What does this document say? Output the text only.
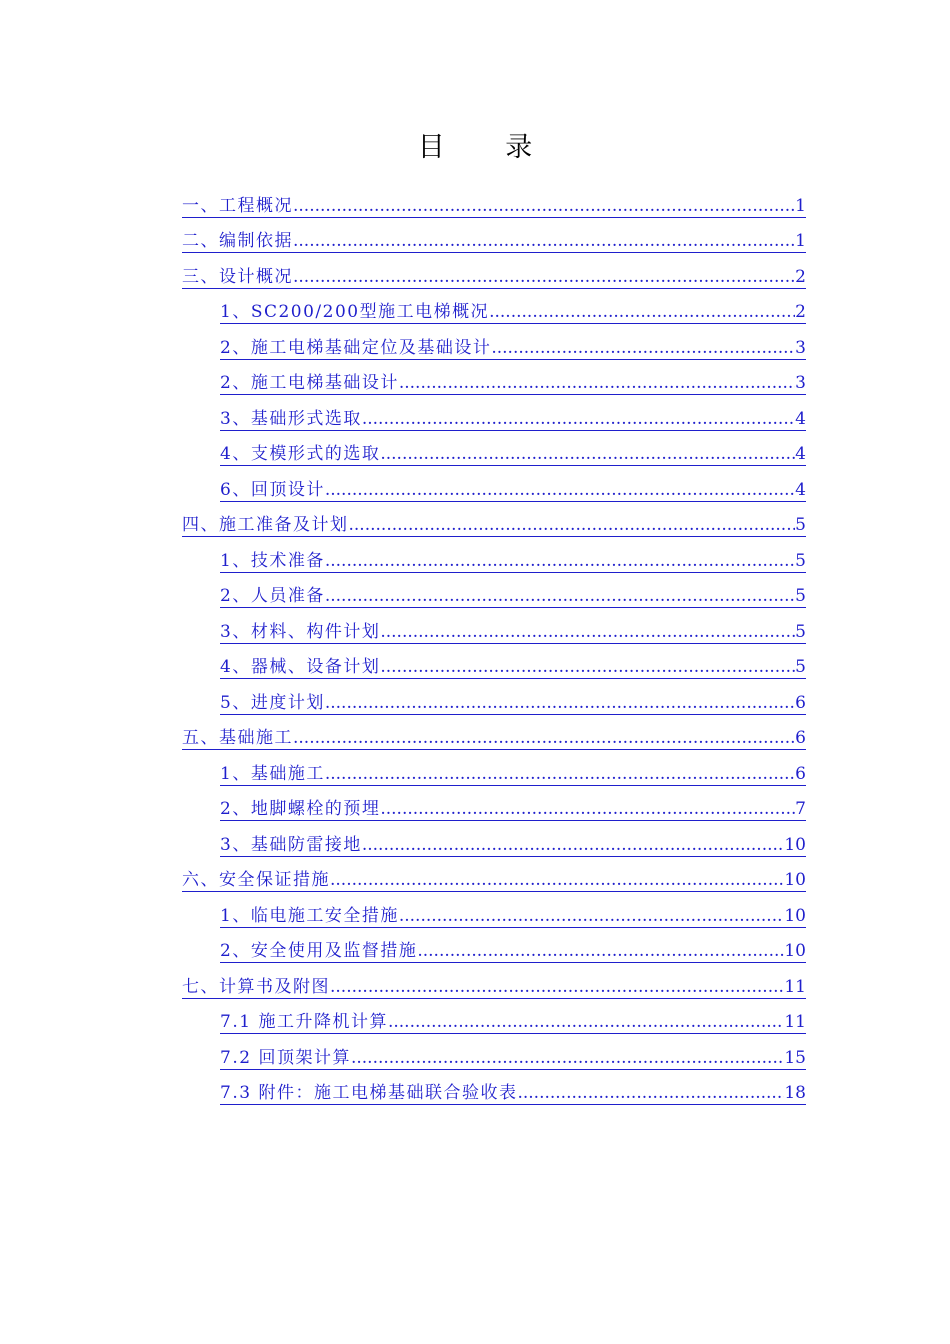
目 录
一、工程概况 .....	1
二、编制依据 .....	1
三、设计概况 .....	2
1、SC200/200型施工电梯概况 .....	2
2、施工电梯基础定位及基础设计 .....	3
2、施工电梯基础设计 .....	3
3、基础形式选取 .....	4
4、支模形式的选取 .....	4
6、回顶设计 .....	4
四、施工准备及计划 .....	5
1、技术准备 .....	5
2、人员准备 .....	5
3、材料、构件计划 .....	5
4、器械、设备计划 .....	5
5、进度计划 .....	6
五、基础施工 .....	6
1、基础施工 .....	6
2、地脚螺栓的预埋 .....	7
3、基础防雷接地 .....	10
六、安全保证措施 .....	10
1、临电施工安全措施 .....	10
2、安全使用及监督措施 .....	10
七、计算书及附图 .....	11
7.1 施工升降机计算 .....	11
7.2 回顶架计算 .....	15
7.3 附件：施工电梯基础联合验收表 .....	18
